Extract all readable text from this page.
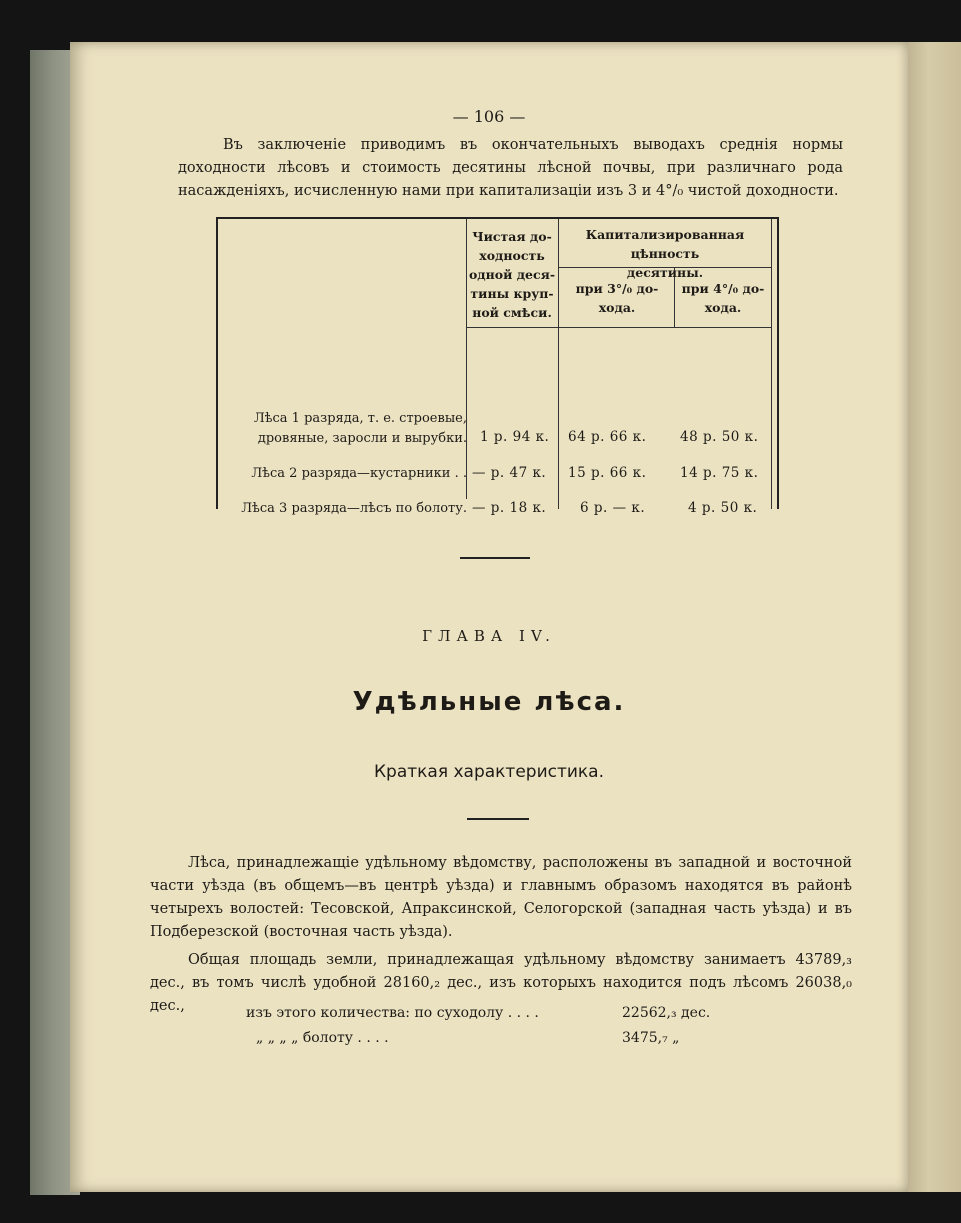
— 106 —

Въ заключеніе приводимъ въ окончательныхъ выводахъ среднія нормы доходности лѣсовъ и стоимость десятины лѣсной почвы, при различнаго рода насажденіяхъ, исчисленную нами при капитализаціи изъ 3 и 4°/₀ чистой доходности.

Чистая до-
ходность
одной деся-
тины круп-
ной смѣси.
Капитализированная цѣнность
десятины.
при 3°/₀ до-
хода.
при 4°/₀ до-
хода.
Лѣса 1 разряда, т. е. строевые,
дровяные, заросли и вырубки. 1 р. 94 к. 64 р. 66 к. 48 р. 50 к.
Лѣса 2 разряда—кустарники . . — р. 47 к. 15 р. 66 к. 14 р. 75 к.
Лѣса 3 разряда—лѣсъ по болоту. — р. 18 к.	6 р. — к.	4 р. 50 к.
ГЛАВА IV.
Удѣльные лѣса.
Краткая характеристика.

Лѣса, принадлежащіе удѣльному вѣдомству, расположены въ западной и восточной части уѣзда (въ общемъ—въ центрѣ уѣзда) и главнымъ образомъ находятся въ районѣ четырехъ волостей: Тесовской, Апраксинской, Селогорской (западная часть уѣзда) и въ Подберезской (восточная часть уѣзда).

Общая площадь земли, принадлежащая удѣльному вѣдомству занимаетъ 43789,₃ дес., въ томъ числѣ удобной 28160,₂ дес., изъ которыхъ находится подъ лѣсомъ 26038,₀ дес.,	изъ этого количества: по суходолу . . . .	22562,₃ дес.
„ „ „ „ болоту . . . .	3475,₇ „
